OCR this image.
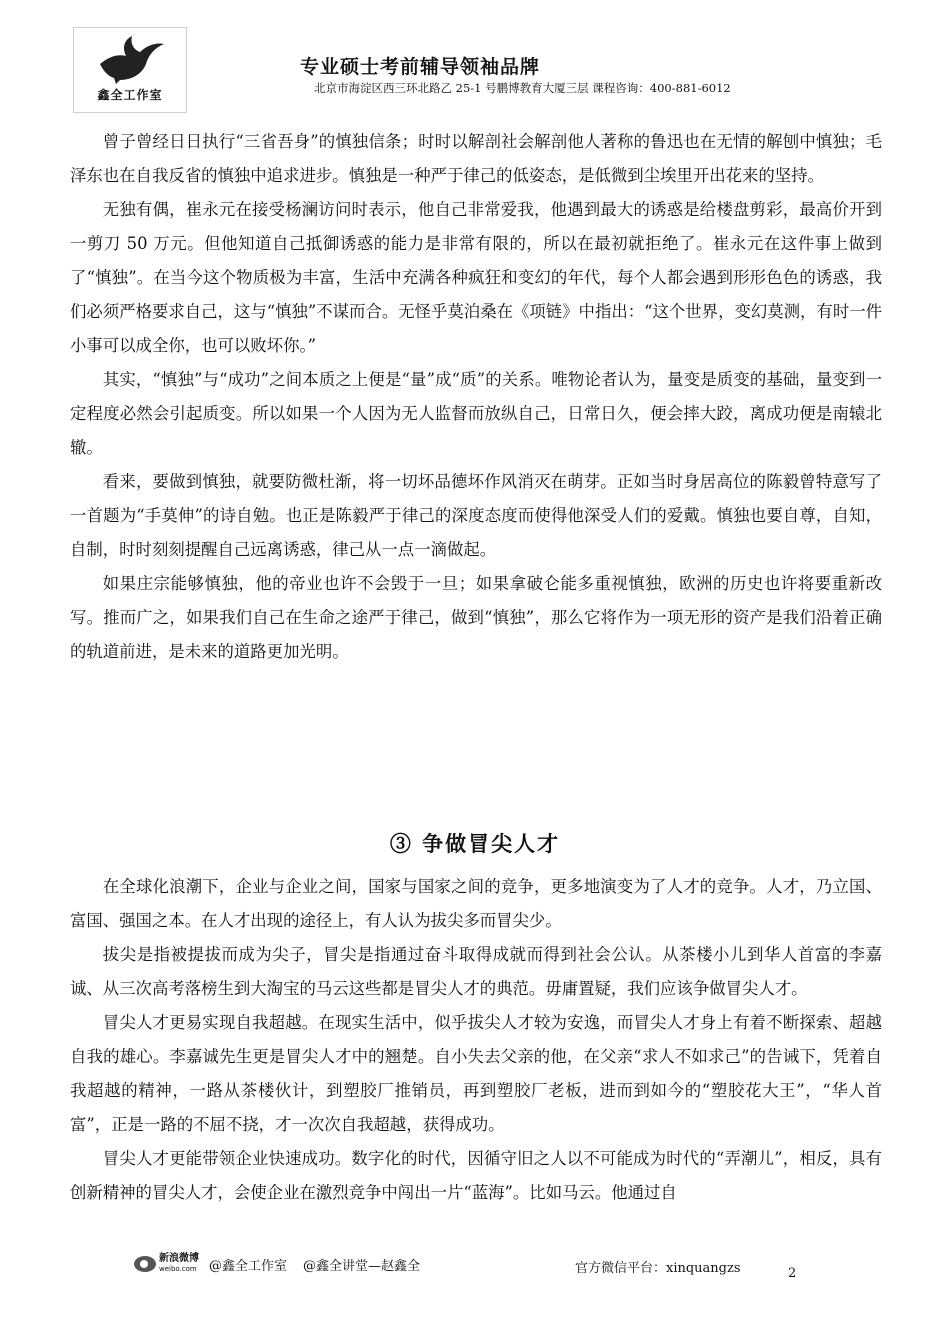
鑫全工作室
专业硕士考前辅导领袖品牌
北京市海淀区西三环北路乙 25-1 号鹏博教育大厦三层 课程咨询：400-881-6012

曾子曾经日日执行“三省吾身”的慎独信条；时时以解剖社会解剖他人著称的鲁迅也在无情的解刨中慎独；毛泽东也在自我反省的慎独中追求进步。慎独是一种严于律己的低姿态，是低微到尘埃里开出花来的坚持。

无独有偶，崔永元在接受杨澜访问时表示，他自己非常爱我，他遇到最大的诱惑是给楼盘剪彩，最高价开到一剪刀 50 万元。但他知道自己抵御诱惑的能力是非常有限的，所以在最初就拒绝了。崔永元在这件事上做到了“慎独”。在当今这个物质极为丰富，生活中充满各种疯狂和变幻的年代，每个人都会遇到形形色色的诱惑，我们必须严格要求自己，这与“慎独”不谋而合。无怪乎莫泊桑在《项链》中指出：“这个世界，变幻莫测，有时一件小事可以成全你，也可以败坏你。”

其实，“慎独”与“成功”之间本质之上便是“量”成“质”的关系。唯物论者认为，量变是质变的基础，量变到一定程度必然会引起质变。所以如果一个人因为无人监督而放纵自己，日常日久，便会摔大跤，离成功便是南辕北辙。

看来，要做到慎独，就要防微杜渐，将一切坏品德坏作风消灭在萌芽。正如当时身居高位的陈毅曾特意写了一首题为“手莫伸”的诗自勉。也正是陈毅严于律己的深度态度而使得他深受人们的爱戴。慎独也要自尊，自知，自制，时时刻刻提醒自己远离诱惑，律己从一点一滴做起。

如果庄宗能够慎独，他的帝业也许不会毁于一旦；如果拿破仑能多重视慎独，欧洲的历史也许将要重新改写。推而广之，如果我们自己在生命之途严于律己，做到“慎独”，那么它将作为一项无形的资产是我们沿着正确的轨道前进，是未来的道路更加光明。

③ 争做冒尖人才

在全球化浪潮下，企业与企业之间，国家与国家之间的竞争，更多地演变为了人才的竞争。人才，乃立国、富国、强国之本。在人才出现的途径上，有人认为拔尖多而冒尖少。

拔尖是指被提拔而成为尖子，冒尖是指通过奋斗取得成就而得到社会公认。从茶楼小儿到华人首富的李嘉诚、从三次高考落榜生到大淘宝的马云这些都是冒尖人才的典范。毋庸置疑，我们应该争做冒尖人才。

冒尖人才更易实现自我超越。在现实生活中，似乎拔尖人才较为安逸，而冒尖人才身上有着不断探索、超越自我的雄心。李嘉诚先生更是冒尖人才中的翘楚。自小失去父亲的他，在父亲“求人不如求己”的告诫下，凭着自我超越的精神，一路从茶楼伙计，到塑胶厂推销员，再到塑胶厂老板，进而到如今的“塑胶花大王”，“华人首富”，正是一路的不屈不挠，才一次次自我超越，获得成功。

冒尖人才更能带领企业快速成功。数字化的时代，因循守旧之人以不可能成为时代的“弄潮儿”，相反，具有创新精神的冒尖人才，会使企业在激烈竞争中闯出一片“蓝海”。比如马云。他通过自

新浪微博
weibo.com @鑫全工作室 @鑫全讲堂—赵鑫全	官方微信平台：xinquangzs	2
